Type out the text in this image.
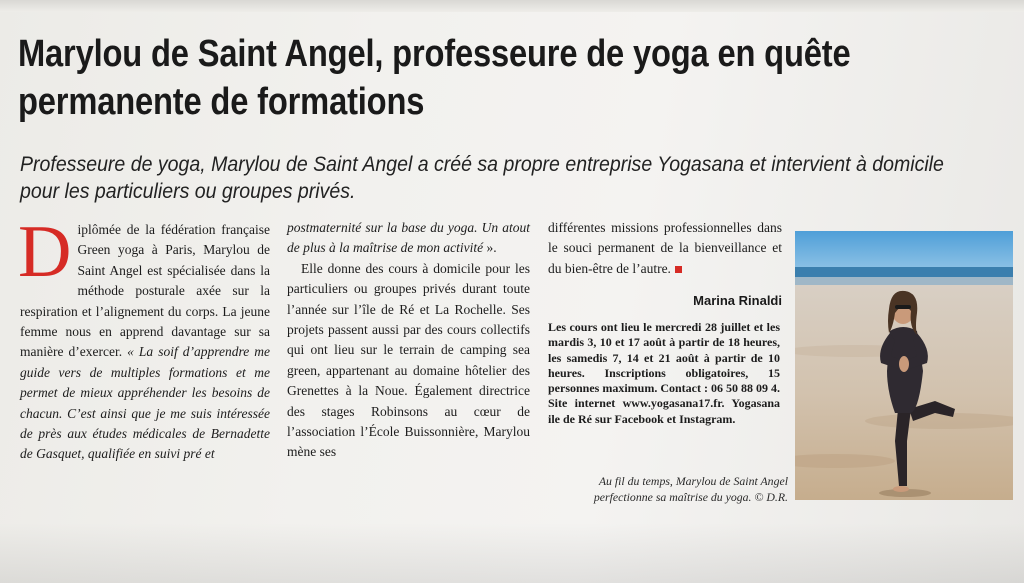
Marylou de Saint Angel, professeure de yoga en quête permanente de formations

Professeure de yoga, Marylou de Saint Angel a créé sa propre entreprise Yogasana et intervient à domicile pour les particuliers ou groupes privés.

Diplômée de la fédération française Green yoga à Paris, Marylou de Saint Angel est spécialisée dans la méthode posturale axée sur la respiration et l’alignement du corps. La jeune femme nous en apprend davantage sur sa manière d’exercer. « La soif d’apprendre me guide vers de multiples formations et me permet de mieux appréhender les besoins de chacun. C’est ainsi que je me suis intéressée de près aux études médicales de Bernadette de Gasquet, qualifiée en suivi pré et

postmaternité sur la base du yoga. Un atout de plus à la maîtrise de mon activité ».

Elle donne des cours à domicile pour les particuliers ou groupes privés durant toute l’année sur l’île de Ré et La Rochelle. Ses projets passent aussi par des cours collectifs qui ont lieu sur le terrain de camping sea green, appartenant au domaine hôtelier des Grenettes à la Noue. Également directrice des stages Robinsons au cœur de l’association l’École Buissonnière, Marylou mène ses

différentes missions professionnelles dans le souci permanent de la bienveillance et du bien-être de l’autre.

Marina Rinaldi

Les cours ont lieu le mercredi 28 juillet et les mardis 3, 10 et 17 août à partir de 18 heures, les samedis 7, 14 et 21 août à partir de 10 heures. Inscriptions obligatoires, 15 personnes maximum. Contact : 06 50 88 09 4. Site internet www.yogasana17.fr. Yogasana ile de Ré sur Facebook et Instagram.

Au fil du temps, Marylou de Saint Angel perfectionne sa maîtrise du yoga. © D.R.
